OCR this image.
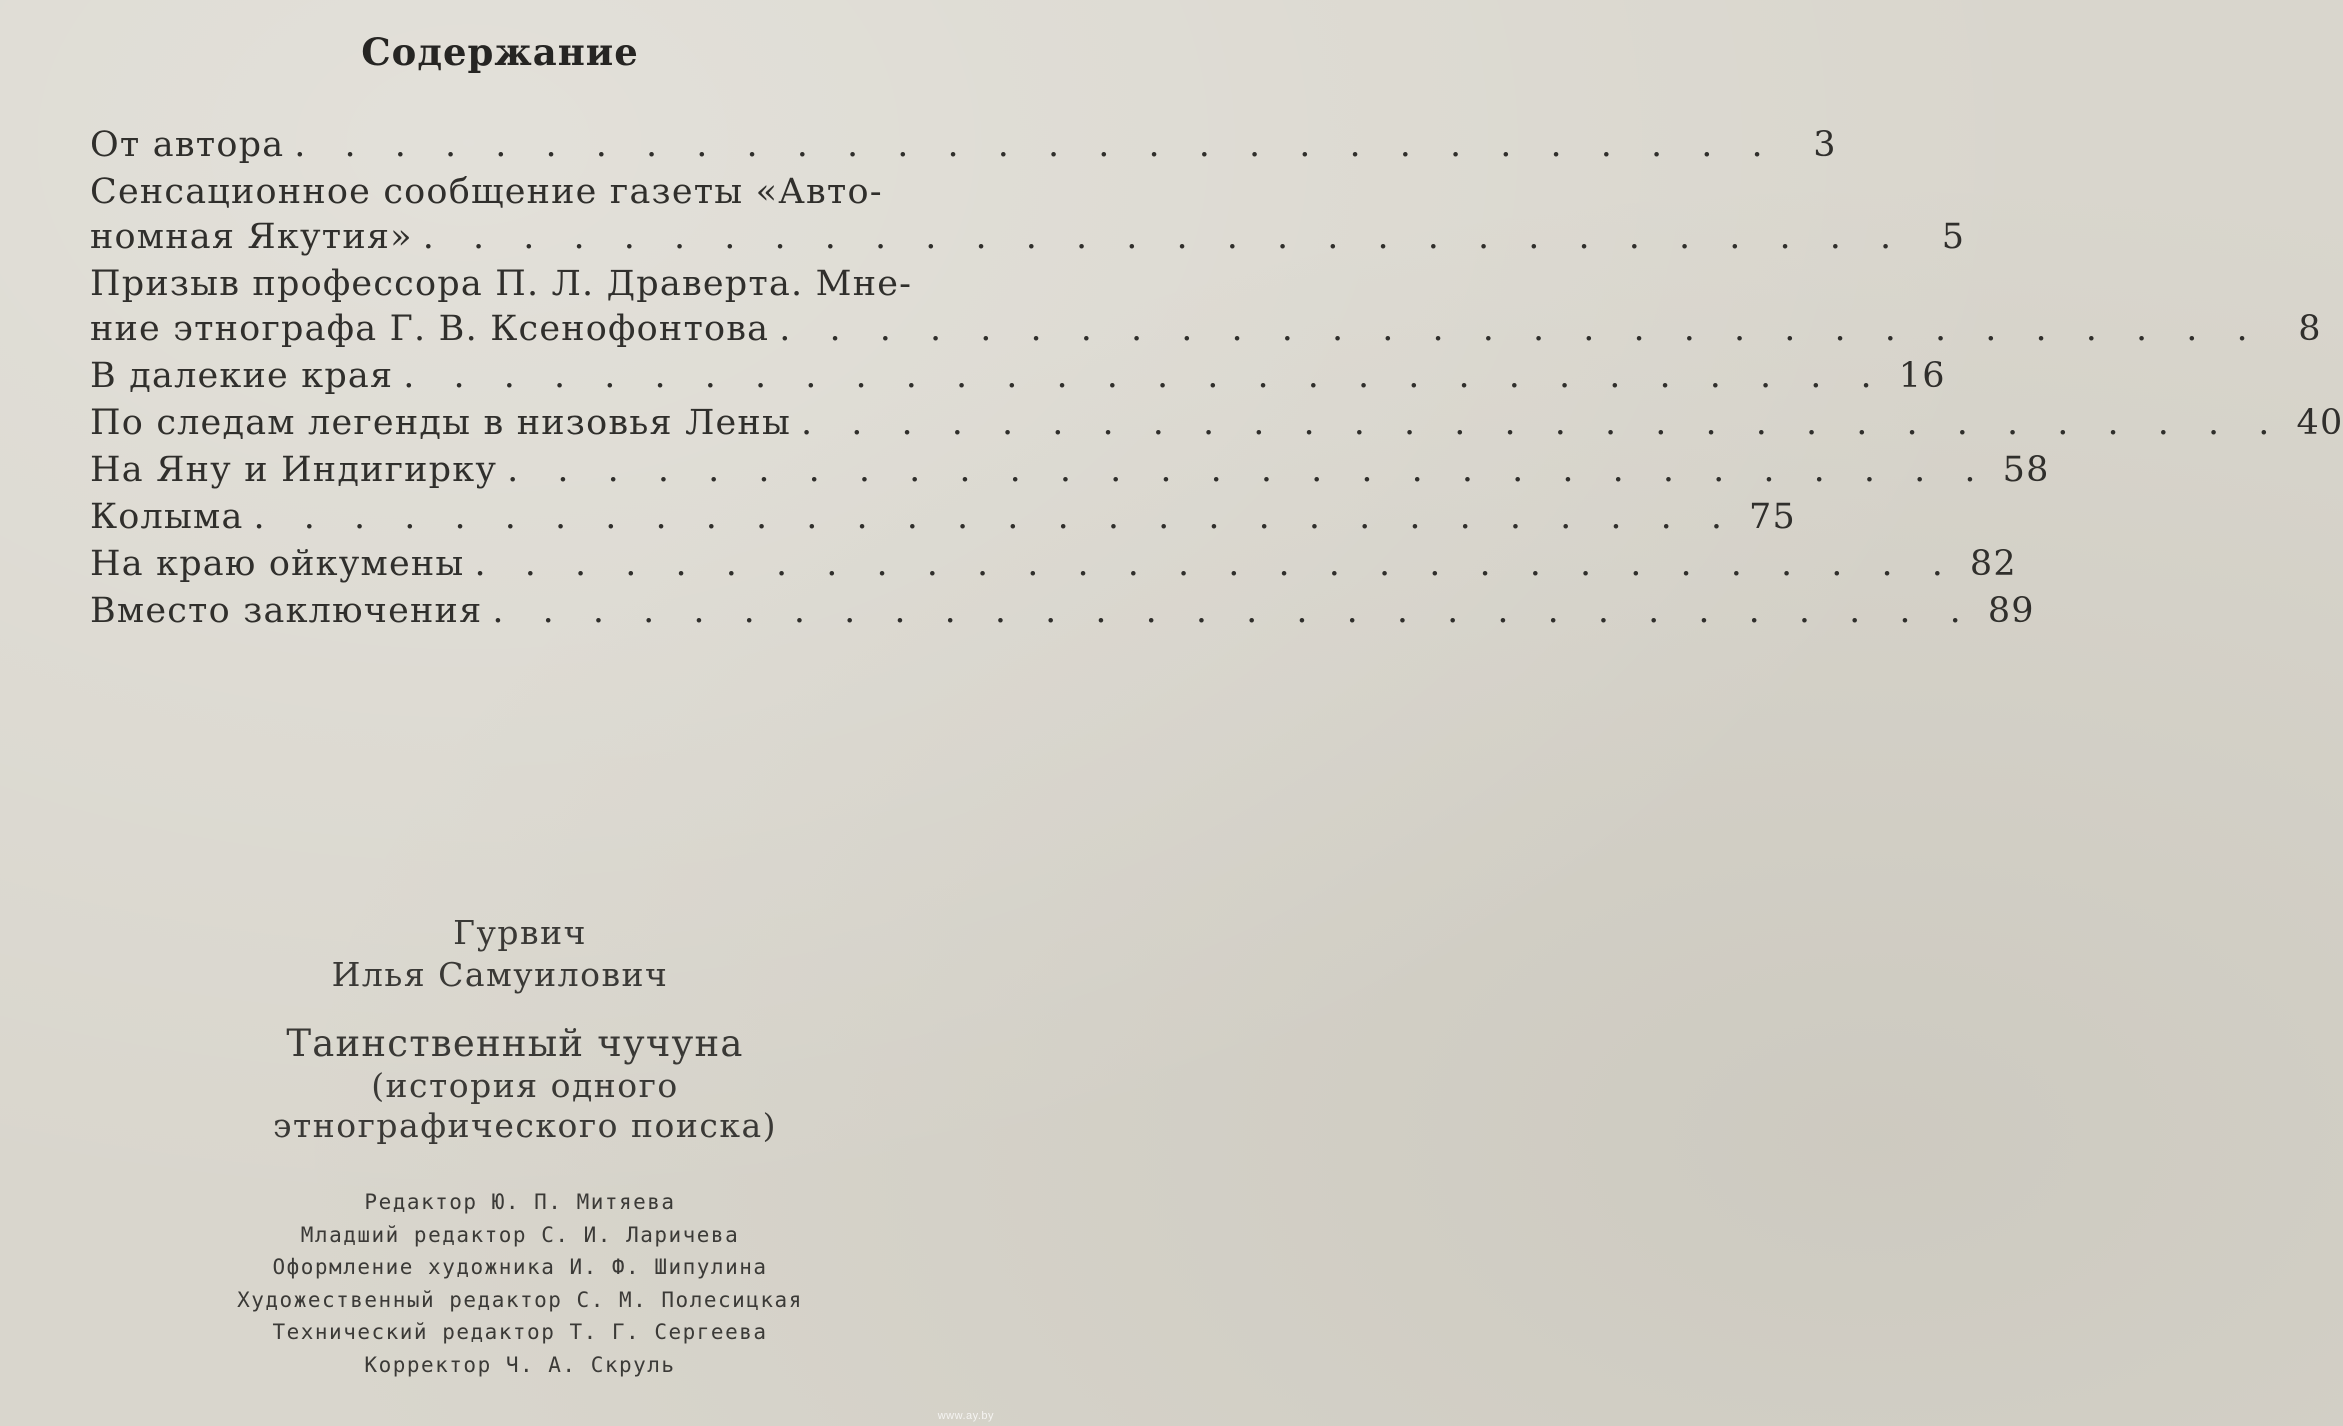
Содержание
От автора . . . . . . . . . . . . . . . . . . . . . . . . . . . . . .	3
Сенсационное сообщение газеты «Авто-
номная Якутия» . . . . . . . . . . . . . . . . . . . . . . . . . . . . . .	5
Призыв профессора П. Л. Драверта. Мне-
ние этнографа Г. В. Ксенофонтова . . . . . . . . . . . . . . . . . . . . . . . . . . . . . .	8
В далекие края . . . . . . . . . . . . . . . . . . . . . . . . . . . . . . 16
По следам легенды в низовья Лены . . . . . . . . . . . . . . . . . . . . . . . . . . . . . . 40
На Яну и Индигирку . . . . . . . . . . . . . . . . . . . . . . . . . . . . . . 58
Колыма . . . . . . . . . . . . . . . . . . . . . . . . . . . . . . 75
На краю ойкумены . . . . . . . . . . . . . . . . . . . . . . . . . . . . . . 82
Вместо заключения . . . . . . . . . . . . . . . . . . . . . . . . . . . . . . 89
Гурвич
Илья Самуилович
Таинственный чучуна
(история одного
этнографического поиска)
Редактор Ю. П. Митяева
Младший редактор С. И. Ларичева
Оформление художника И. Ф. Шипулина
Художественный редактор С. М. Полесицкая
Технический редактор Т. Г. Сергеева
Корректор Ч. А. Скруль
www.ay.by
